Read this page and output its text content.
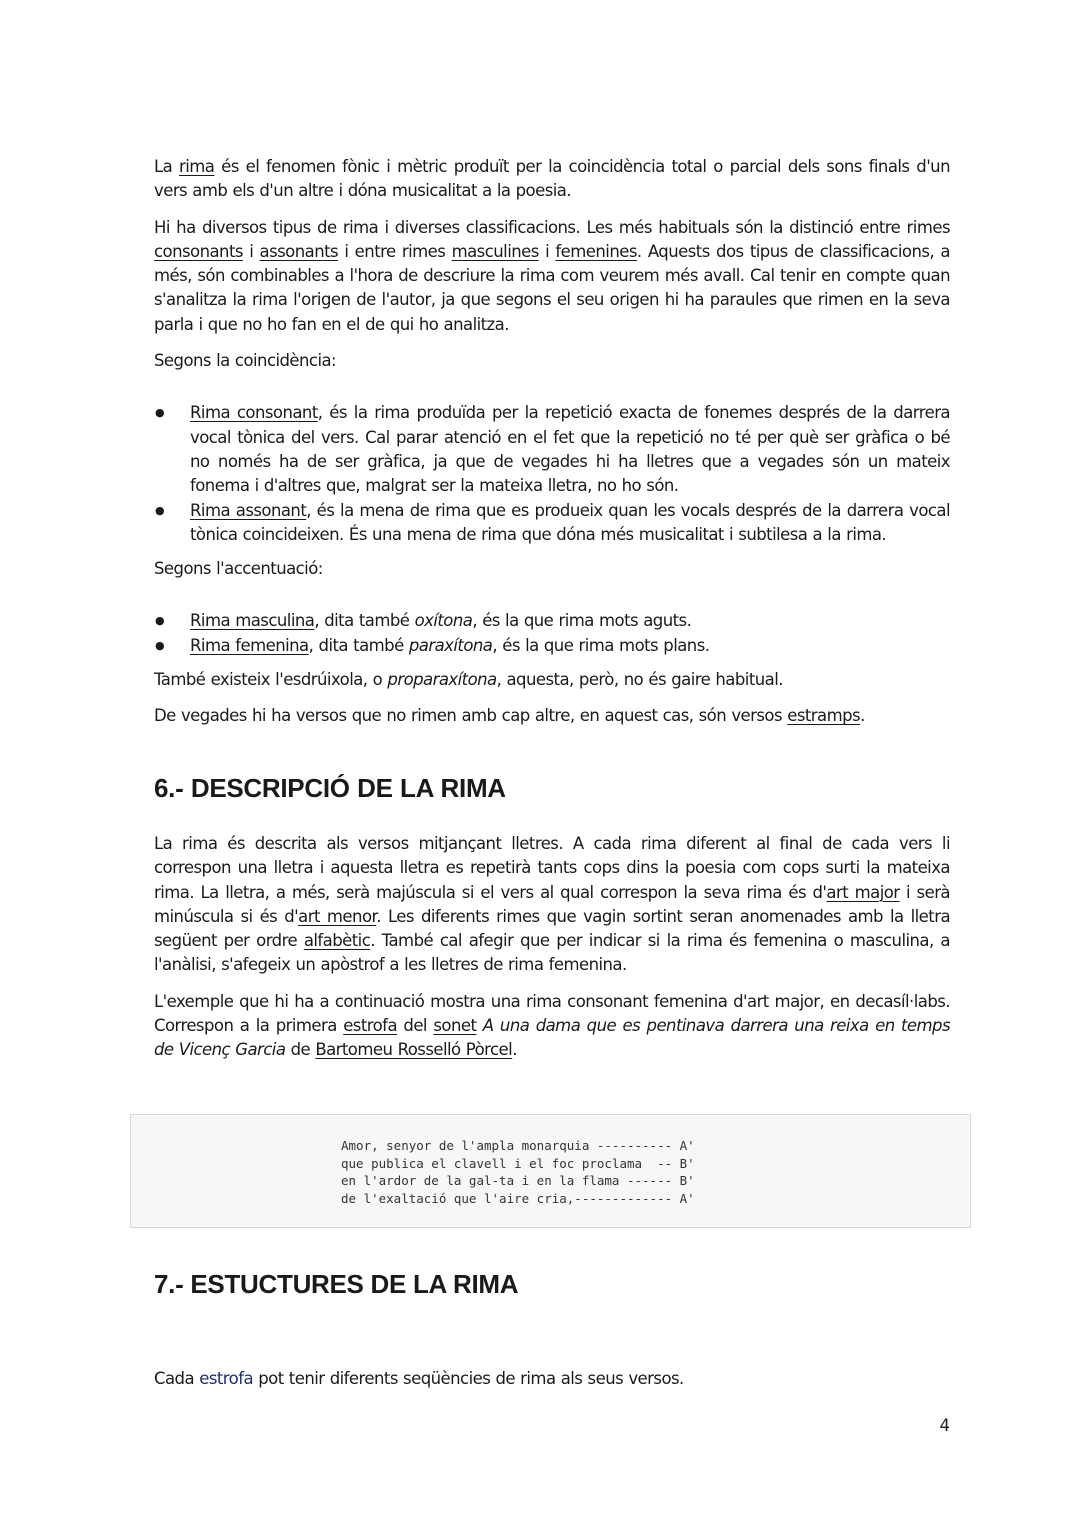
La rima és el fenomen fònic i mètric produït per la coincidència total o parcial dels sons finals d'un vers amb els d'un altre i dóna musicalitat a la poesia.

Hi ha diversos tipus de rima i diverses classificacions. Les més habituals són la distinció entre rimes consonants i assonants i entre rimes masculines i femenines. Aquests dos tipus de classificacions, a més, són combinables a l'hora de descriure la rima com veurem més avall. Cal tenir en compte quan s'analitza la rima l'origen de l'autor, ja que segons el seu origen hi ha paraules que rimen en la seva parla i que no ho fan en el de qui ho analitza.

Segons la coincidència:

● Rima consonant, és la rima produïda per la repetició exacta de fonemes després de la darrera vocal tònica del vers. Cal parar atenció en el fet que la repetició no té per què ser gràfica o bé no només ha de ser gràfica, ja que de vegades hi ha lletres que a vegades són un mateix fonema i d'altres que, malgrat ser la mateixa lletra, no ho són.
● Rima assonant, és la mena de rima que es produeix quan les vocals després de la darrera vocal tònica coincideixen. És una mena de rima que dóna més musicalitat i subtilesa a la rima.

Segons l'accentuació:

● Rima masculina, dita també oxítona, és la que rima mots aguts.
● Rima femenina, dita també paraxítona, és la que rima mots plans.

També existeix l'esdrúixola, o proparaxítona, aquesta, però, no és gaire habitual.

De vegades hi ha versos que no rimen amb cap altre, en aquest cas, són versos estramps.

6.- DESCRIPCIÓ DE LA RIMA

La rima és descrita als versos mitjançant lletres. A cada rima diferent al final de cada vers li correspon una lletra i aquesta lletra es repetirà tants cops dins la poesia com cops surti la mateixa rima. La lletra, a més, serà majúscula si el vers al qual correspon la seva rima és d'art major i serà minúscula si és d'art menor. Les diferents rimes que vagin sortint seran anomenades amb la lletra següent per ordre alfabètic. També cal afegir que per indicar si la rima és femenina o masculina, a l'anàlisi, s'afegeix un apòstrof a les lletres de rima femenina.

L'exemple que hi ha a continuació mostra una rima consonant femenina d'art major, en decasíl·labs. Correspon a la primera estrofa del sonet A una dama que es pentinava darrera una reixa en temps de Vicenç Garcia de Bartomeu Rosselló Pòrcel.

Amor, senyor de l'ampla monarquia ---------- A'
que publica el clavell i el foc proclama  -- B'
en l'ardor de la gal-ta i en la flama ------ B'
de l'exaltació que l'aire cria,------------- A'
7.- ESTUCTURES DE LA RIMA

Cada estrofa pot tenir diferents seqüències de rima als seus versos.

4
